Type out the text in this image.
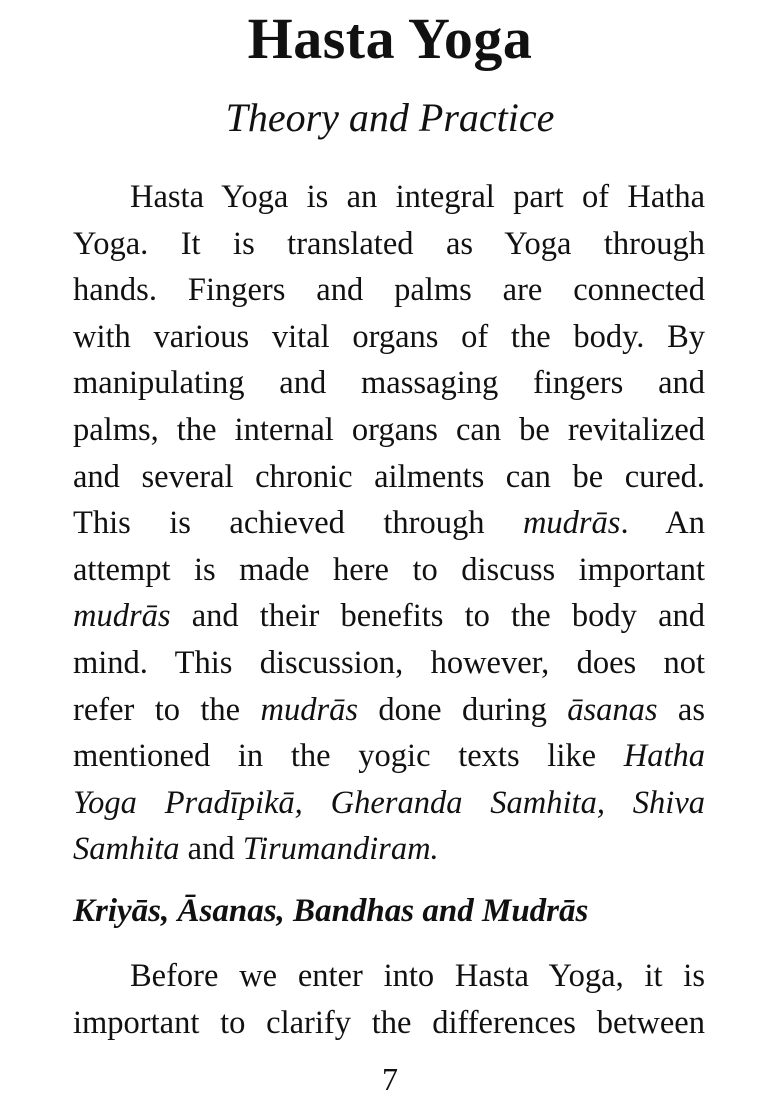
Hasta Yoga
Theory and Practice
Hasta Yoga is an integral part of Hatha
Yoga. It is translated as Yoga through
hands. Fingers and palms are connected
with various vital organs of the body. By
manipulating and massaging fingers and
palms, the internal organs can be revitalized
and several chronic ailments can be cured.
This is achieved through mudrās. An
attempt is made here to discuss important
mudrās and their benefits to the body and
mind. This discussion, however, does not
refer to the mudrās done during āsanas as
mentioned in the yogic texts like Hatha
Yoga Pradīpikā, Gheranda Samhita, Shiva
Samhita and Tirumandiram.
Kriyās, Āsanas, Bandhas and Mudrās
Before we enter into Hasta Yoga, it is
important to clarify the differences between
7
